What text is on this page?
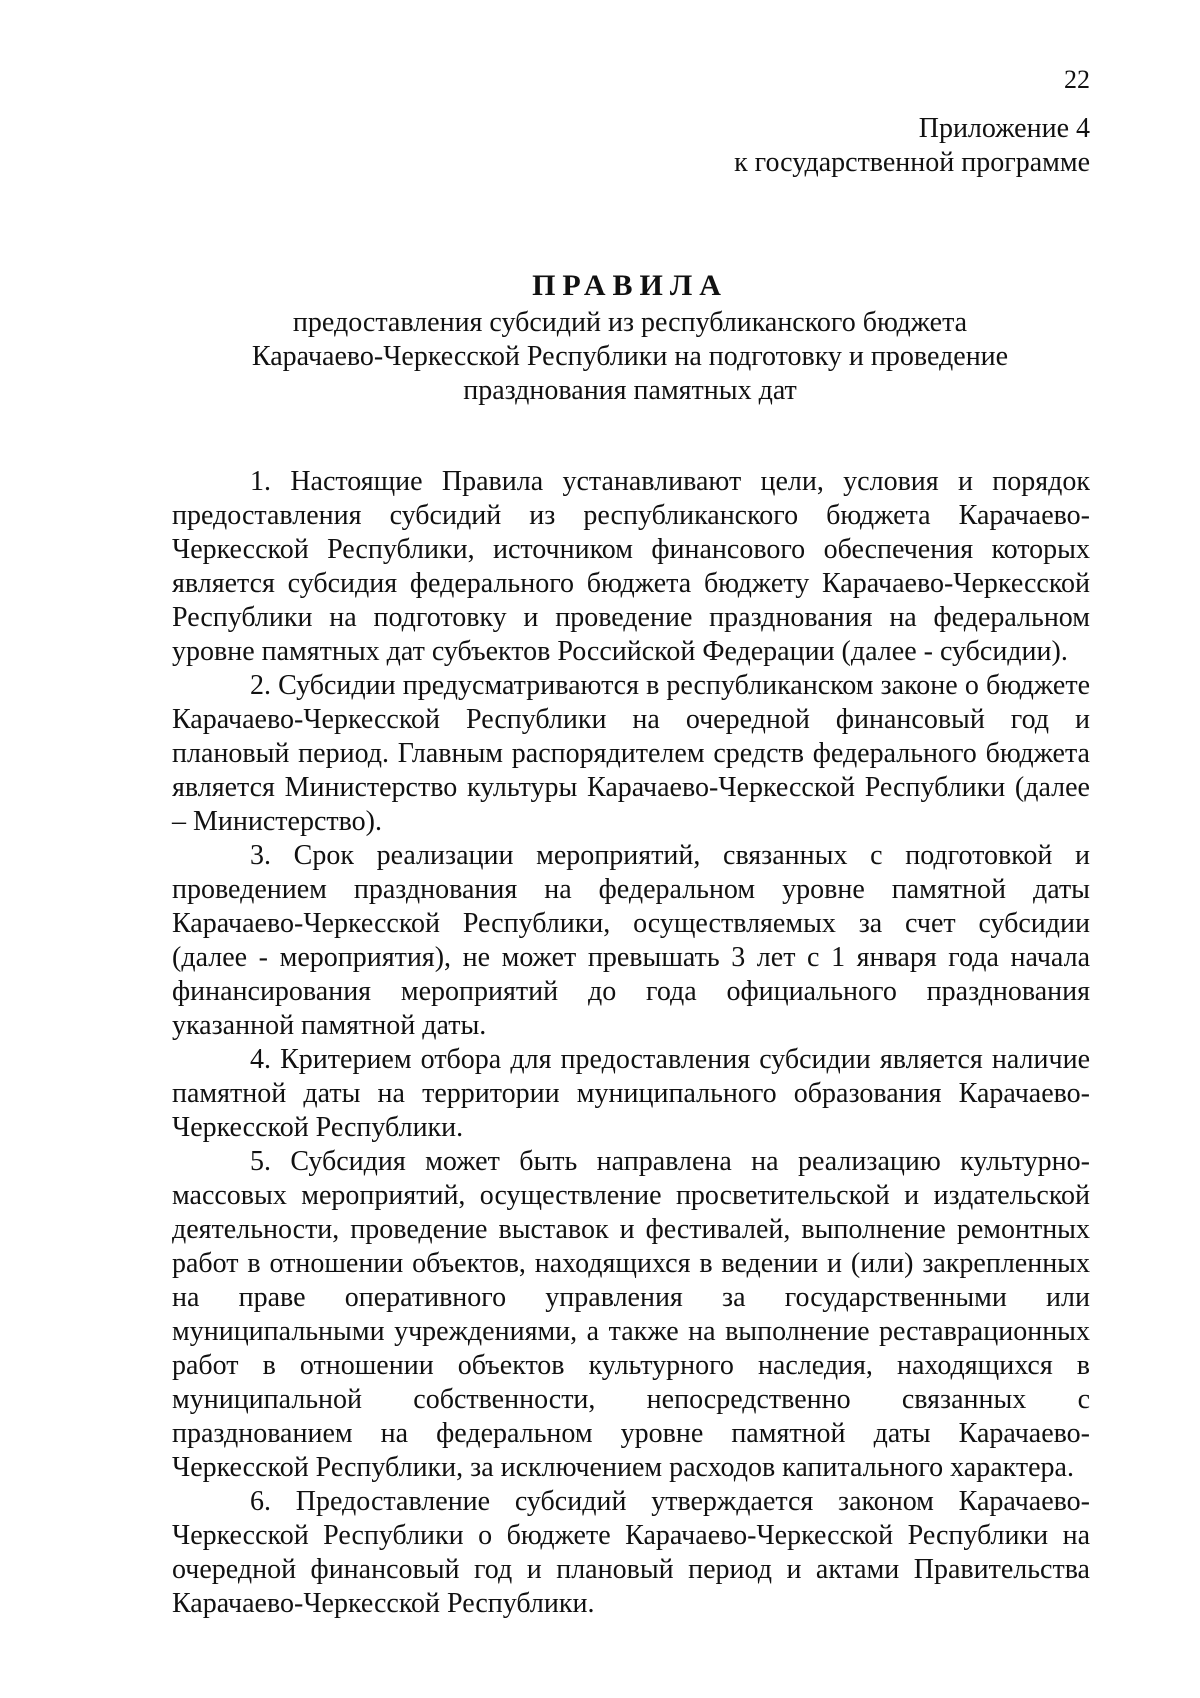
22
Приложение 4
к государственной программе
ПРАВИЛА
предоставления субсидий из республиканского бюджета
Карачаево-Черкесской Республики на подготовку и проведение
празднования памятных дат

1. Настоящие Правила устанавливают цели, условия и порядок предоставления субсидий из республиканского бюджета Карачаево-Черкесской Республики, источником финансового обеспечения которых является субсидия федерального бюджета бюджету Карачаево-Черкесской Республики на подготовку и проведение празднования на федеральном уровне памятных дат субъектов Российской Федерации (далее - субсидии).

2. Субсидии предусматриваются в республиканском законе о бюджете Карачаево-Черкесской Республики на очередной финансовый год и плановый период. Главным распорядителем средств федерального бюджета является Министерство культуры Карачаево-Черкесской Республики (далее – Министерство).

3. Срок реализации мероприятий, связанных с подготовкой и проведением празднования на федеральном уровне памятной даты Карачаево-Черкесской Республики, осуществляемых за счет субсидии (далее - мероприятия), не может превышать 3 лет с 1 января года начала финансирования мероприятий до года официального празднования указанной памятной даты.

4. Критерием отбора для предоставления субсидии является наличие памятной даты на территории муниципального образования Карачаево-Черкесской Республики.

5. Субсидия может быть направлена на реализацию культурно-массовых мероприятий, осуществление просветительской и издательской деятельности, проведение выставок и фестивалей, выполнение ремонтных работ в отношении объектов, находящихся в ведении и (или) закрепленных на праве оперативного управления за государственными или муниципальными учреждениями, а также на выполнение реставрационных работ в отношении объектов культурного наследия, находящихся в муниципальной собственности, непосредственно связанных с празднованием на федеральном уровне памятной даты Карачаево-Черкесской Республики, за исключением расходов капитального характера.

6. Предоставление субсидий утверждается законом Карачаево-Черкесской Республики о бюджете Карачаево-Черкесской Республики на очередной финансовый год и плановый период и актами Правительства Карачаево-Черкесской Республики.
